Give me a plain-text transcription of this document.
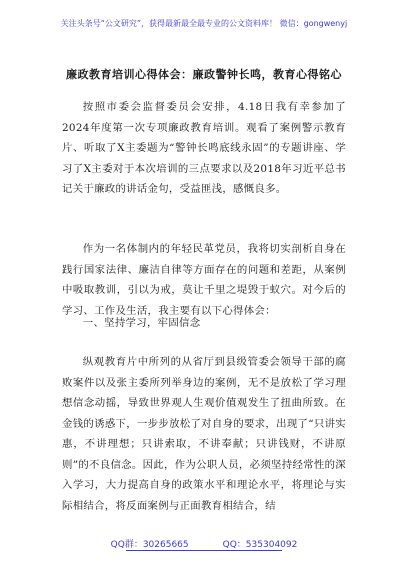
关注头条号“公文研究”，获得最新最全最专业的公文资料库！ 微信：gongwenyj
廉政教育培训心得体会：廉政警钟长鸣，教育心得铭心

按照市委会监督委员会安排，4.18日我有幸参加了2024年度第一次专项廉政教育培训。观看了案例警示教育片、听取了X主委题为“警钟长鸣底线永固”的专题讲座、学习了X主委对于本次培训的三点要求以及2018年习近平总书记关于廉政的讲话金句，受益匪浅，感慨良多。

作为一名体制内的年轻民革党员，我将切实剖析自身在践行国家法律、廉洁自律等方面存在的问题和差距，从案例中吸取教训，引以为戒，莫让千里之堤毁于蚁穴。对今后的学习、工作及生活，我主要有以下心得体会：

一、坚持学习，牢固信念

纵观教育片中所列的从省厅到县级管委会领导干部的腐败案件以及张主委所列举身边的案例，无不是放松了学习理想信念动摇，导致世界观人生观价值观发生了扭曲所致。在金钱的诱惑下，一步步放松了对自身的要求，出现了“只讲实惠，不讲理想；只讲索取，不讲奉献；只讲钱财，不讲原则”的不良信念。因此，作为公职人员，必须坚持经常性的深入学习，大力提高自身的政策水平和理论水平，将理论与实际相结合，将反面案例与正面教育相结合，结

QQ群：30265665	QQ：535304092
